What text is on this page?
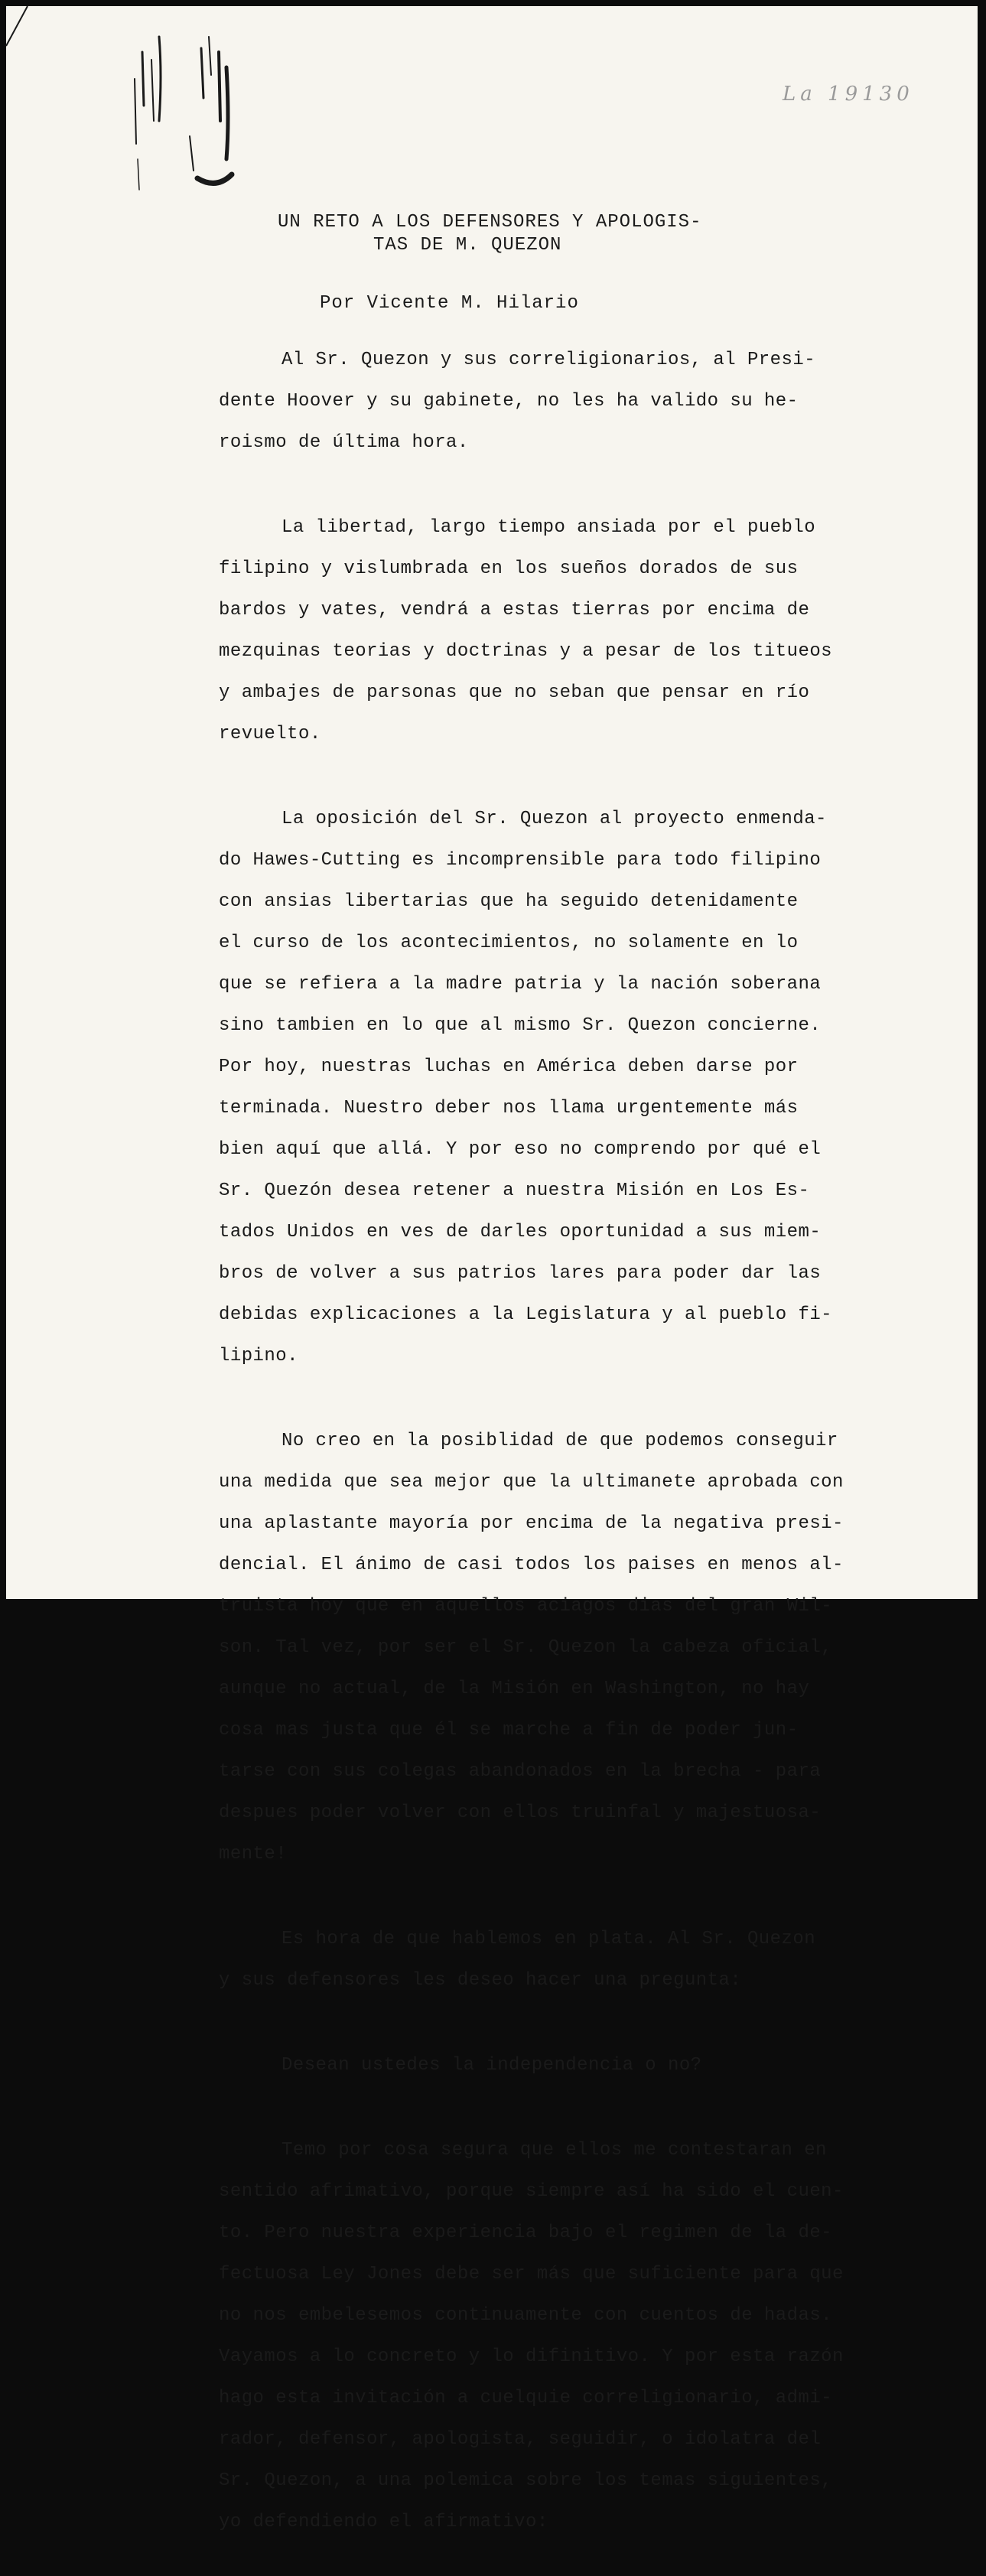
La 19130
UN RETO A LOS DEFENSORES Y APOLOGIS-
TAS DE M. QUEZON
Por Vicente M. Hilario

Al Sr. Quezon y sus correligionarios, al Presi-

dente Hoover y su gabinete, no les ha valido su he-

roismo de última hora.

La libertad, largo tiempo ansiada por el pueblo

filipino y vislumbrada en los sueños dorados de sus

bardos y vates, vendrá a estas tierras por encima de

mezquinas teorias y doctrinas y a pesar de los titueos

y ambajes de parsonas que no seban que pensar en río

revuelto.

La oposición del Sr. Quezon al proyecto enmenda-

do Hawes-Cutting es incomprensible para todo filipino

con ansias libertarias que ha seguido detenidamente

el curso de los acontecimientos, no solamente en lo

que se refiera a la madre patria y la nación soberana

sino tambien en lo que al mismo Sr. Quezon concierne.

Por hoy, nuestras luchas en América deben darse por

terminada. Nuestro deber nos llama urgentemente más

bien aquí que allá. Y por eso no comprendo por qué el

Sr. Quezón desea retener a nuestra Misión en Los Es-

tados Unidos en ves de darles oportunidad a sus miem-

bros de volver a sus patrios lares para poder dar las

debidas explicaciones a la Legislatura y al pueblo fi-

lipino.

No creo en la posiblidad de que podemos conseguir

una medida que sea mejor que la ultimanete aprobada con

una aplastante mayoría por encima de la negativa presi-

dencial. El ánimo de casi todos los paises en menos al-

truista hoy que en aquellos aciagos dias del gran Wil-

son. Tal vez, por ser el Sr. Quezon la cabeza oficial,

aunque no actual, de la Misión en Washington, no hay

cosa mas justa que él se marche a fin de poder jun-

tarse con sus colegas abandonados en la brecha - para

despues poder volver con ellos truinfal y majestuosa-

mente!

Es hora de que hablemos en plata. Al Sr. Quezon

y sus defensores les deseo hacer una pregunta:

Desean ustedes la independencia o no?

Temo por cosa segura que ellos me contestaran en

sentido afrimativo, porque siempre así ha sido el cuen-

to. Pero nuestra experiencia bajo el regimen de la de-

fectuosa Ley Jones debe ser más que suficiente para que

no nos embelesemos continuamente con cuentos de hadas.

Vayamos a lo concreto y lo difinitivo. Y por esta razón

hago esta invitación a cuelquie correligionario, admi-

rador, defensor, apologista, seguidir, o idolatra del

Sr. Quezon, a una polemica sobre los temas siguientes,

yo defendiendo el afirmativo:
